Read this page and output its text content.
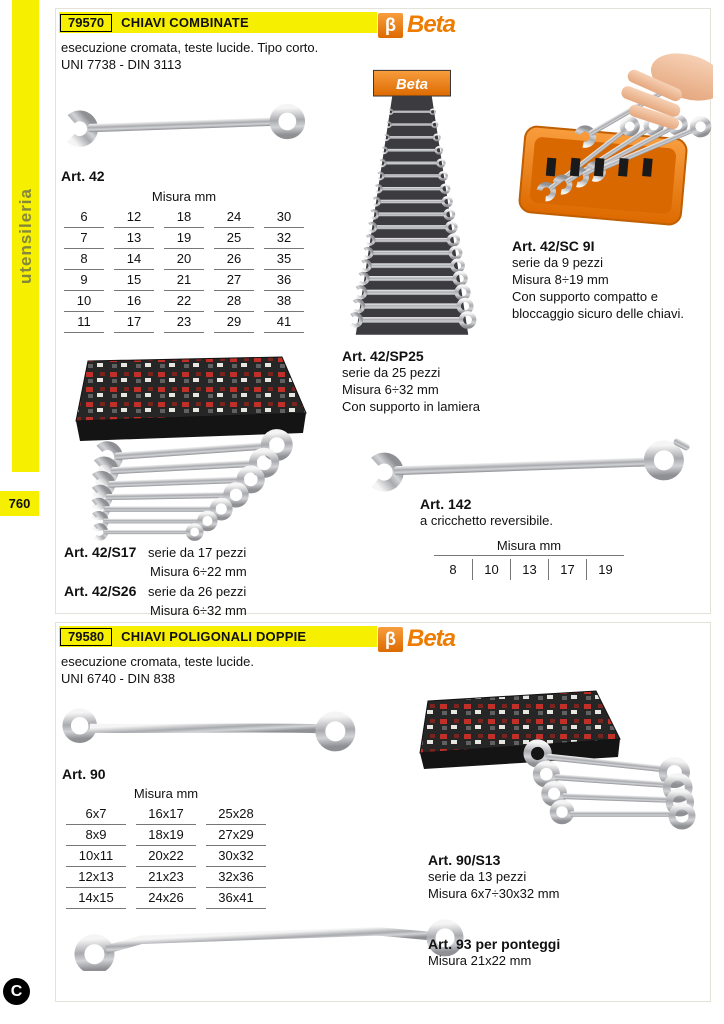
utensileria
760
C
79570	CHIAVI COMBINATE	β Beta
esecuzione cromata, teste lucide. Tipo corto.
UNI 7738 - DIN 3113
Art. 42
Misura mm
6	12	18	24	30
7	13	19	25	32
8	14	20	26	35
9	15	21	27	36
10	16	22	28	38
11	17	23	29	41
Beta
Art. 42/SP25
serie da 25 pezzi
Misura 6÷32 mm
Con supporto in lamiera
Art. 42/SC 9I
serie da 9 pezzi
Misura 8÷19 mm
Con supporto compatto e
bloccaggio sicuro delle chiavi.
Art. 42/S17 serie da 17 pezzi
Misura 6÷22 mm
Art. 42/S26 serie da 26 pezzi
Misura 6÷32 mm
Art. 142
a cricchetto reversibile.
Misura mm
8	10	13	17	19
79580	CHIAVI POLIGONALI DOPPIE	β Beta
esecuzione cromata, teste lucide.
UNI 6740 - DIN 838
Art. 90
Misura mm
6x7	16x17	25x28
8x9	18x19	27x29
10x11	20x22	30x32
12x13	21x23	32x36
14x15	24x26	36x41
Art. 90/S13
serie da 13 pezzi
Misura 6x7÷30x32 mm
Art. 93 per ponteggi
Misura 21x22 mm
